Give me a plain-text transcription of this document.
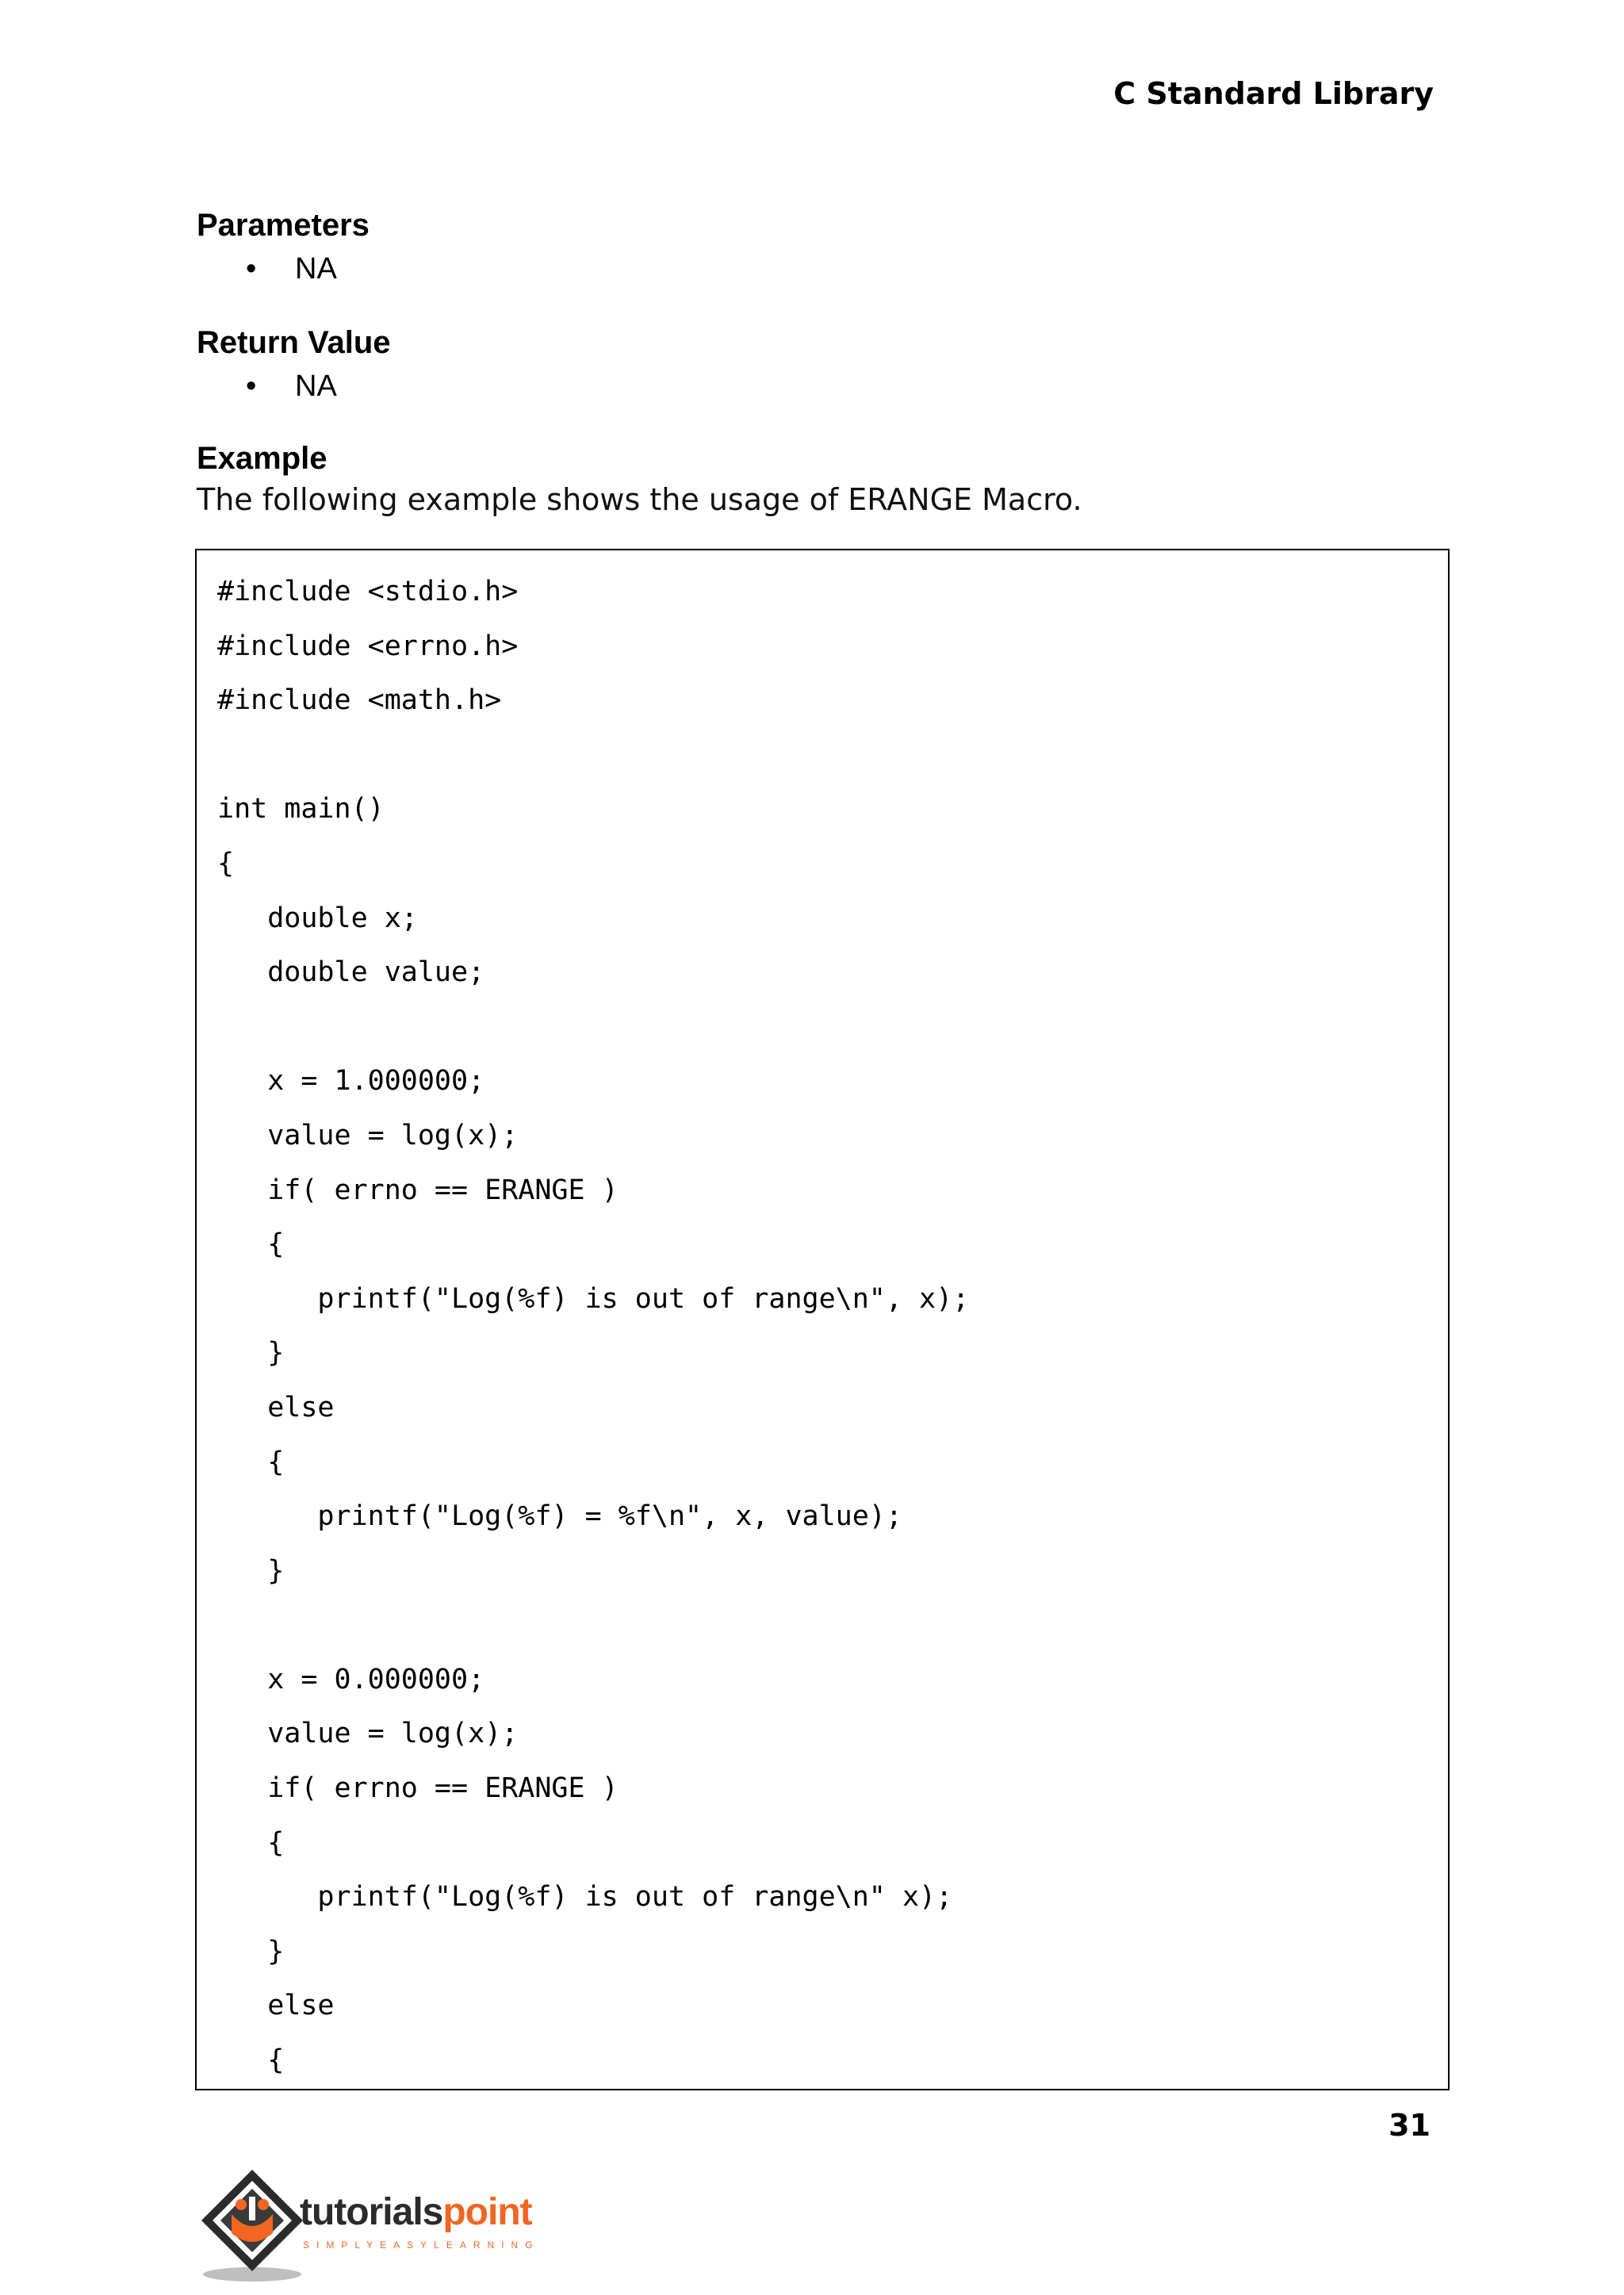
C Standard Library
Parameters
• NA
Return Value
• NA
Example
The following example shows the usage of ERANGE Macro.
#include <stdio.h>
#include <errno.h>
#include <math.h>
int main()
{
double x;
double value;
x = 1.000000;
value = log(x);
if( errno == ERANGE )
{
printf("Log(%f) is out of range\n", x);
}
else
{
printf("Log(%f) = %f\n", x, value);
}
x = 0.000000;
value = log(x);
if( errno == ERANGE )
{
printf("Log(%f) is out of range\n" x);
}
else
{
31
tutorialspoint
SIMPLYEASYLEARNING
